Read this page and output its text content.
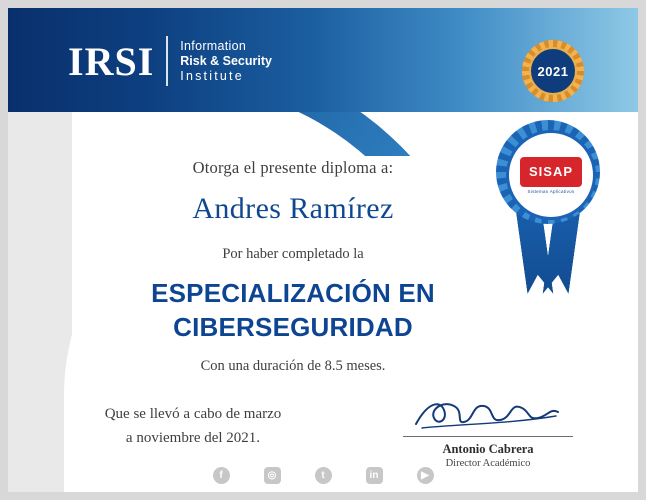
IRSI Information
Risk & Security
Institute	2021
SISAP
Sistemas Aplicativos
Otorga el presente diploma a:
Andres Ramírez
Por haber completado la
ESPECIALIZACIÓN EN
CIBERSEGURIDAD
Con una duración de 8.5 meses.
Que se llevó a cabo de marzo
a noviembre del 2021.
Antonio Cabrera
Director Académico
f	◎	t	in	▶
